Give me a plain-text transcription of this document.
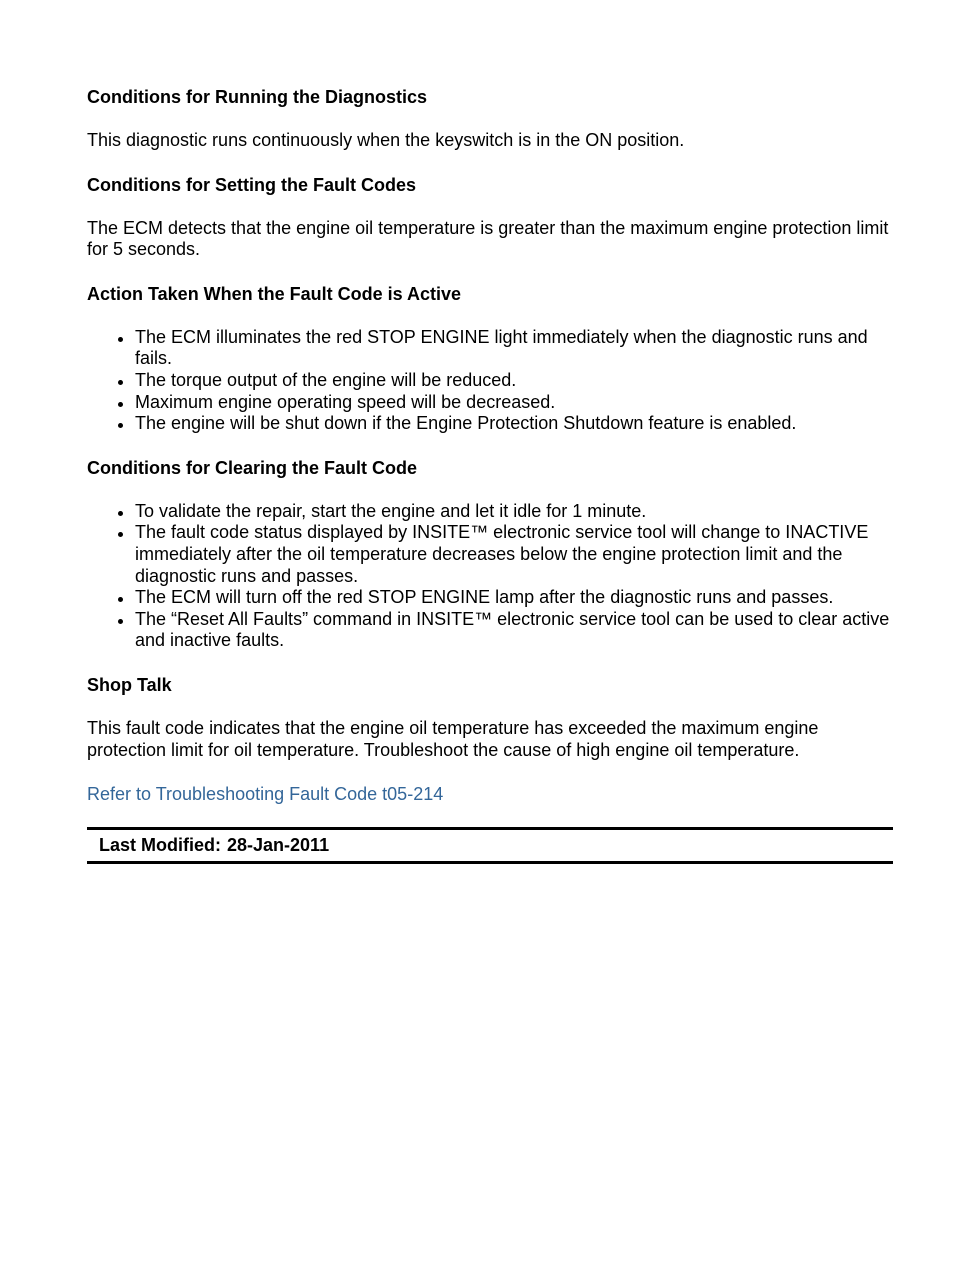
Conditions for Running the Diagnostics

This diagnostic runs continuously when the keyswitch is in the ON position.

Conditions for Setting the Fault Codes

The ECM detects that the engine oil temperature is greater than the maximum engine protection limit for 5 seconds.

Action Taken When the Fault Code is Active
The ECM illuminates the red STOP ENGINE light immediately when the diagnostic runs and fails.
The torque output of the engine will be reduced.
Maximum engine operating speed will be decreased.
The engine will be shut down if the Engine Protection Shutdown feature is enabled.
Conditions for Clearing the Fault Code
To validate the repair, start the engine and let it idle for 1 minute.
The fault code status displayed by INSITE™ electronic service tool will change to INACTIVE immediately after the oil temperature decreases below the engine protection limit and the diagnostic runs and passes.
The ECM will turn off the red STOP ENGINE lamp after the diagnostic runs and passes.
The “Reset All Faults” command in INSITE™ electronic service tool can be used to clear active and inactive faults.
Shop Talk

This fault code indicates that the engine oil temperature has exceeded the maximum engine protection limit for oil temperature. Troubleshoot the cause of high engine oil temperature.

Refer to Troubleshooting Fault Code t05-214
Last Modified: 28-Jan-2011
